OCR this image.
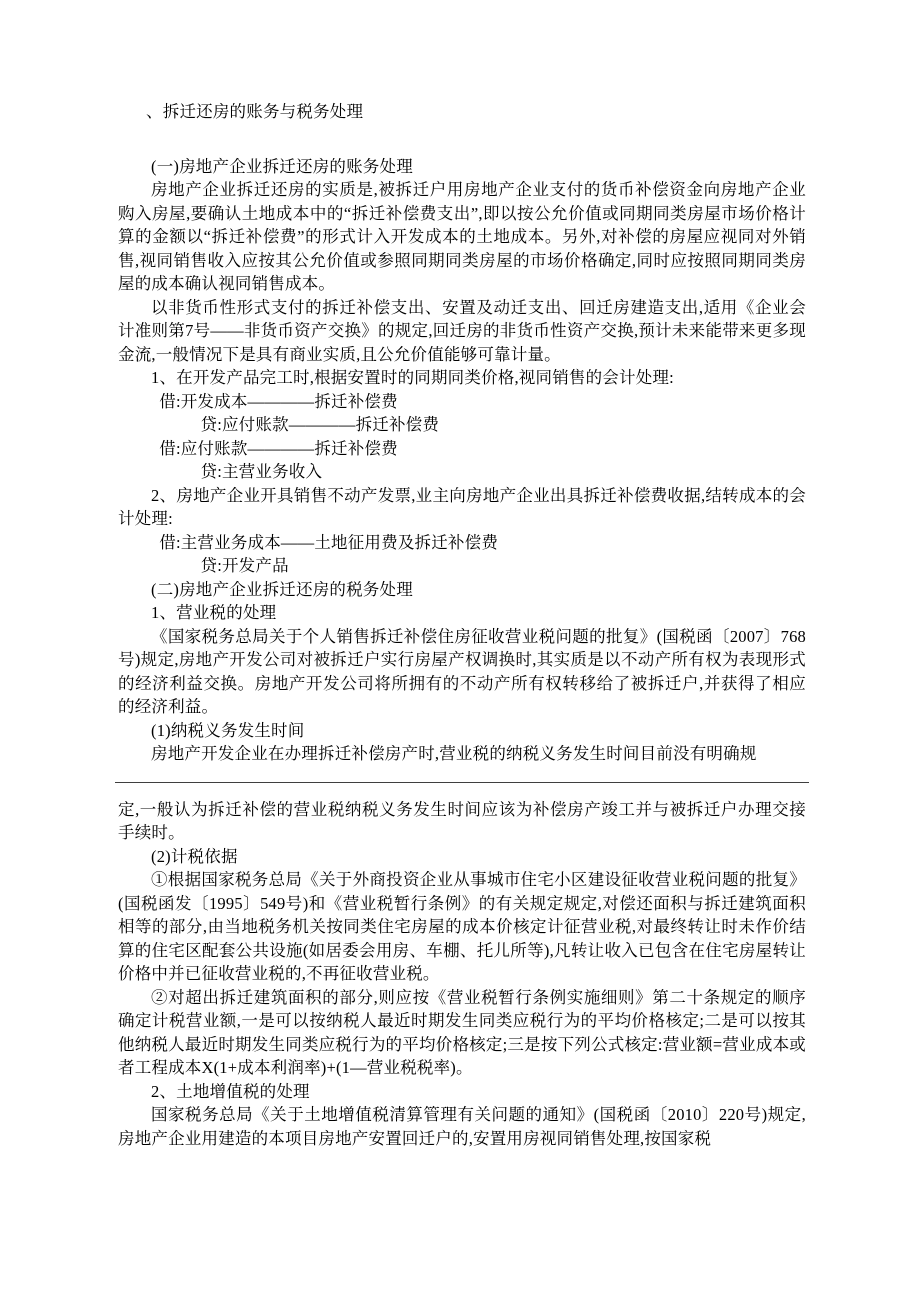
、拆迁还房的账务与税务处理

(一)房地产企业拆迁还房的账务处理

房地产企业拆迁还房的实质是,被拆迁户用房地产企业支付的货币补偿资金向房地产企业购入房屋,要确认土地成本中的“拆迁补偿费支出”,即以按公允价值或同期同类房屋市场价格计算的金额以“拆迁补偿费”的形式计入开发成本的土地成本。另外,对补偿的房屋应视同对外销售,视同销售收入应按其公允价值或参照同期同类房屋的市场价格确定,同时应按照同期同类房屋的成本确认视同销售成本。

以非货币性形式支付的拆迁补偿支出、安置及动迁支出、回迁房建造支出,适用《企业会计准则第7号——非货币资产交换》的规定,回迁房的非货币性资产交换,预计未来能带来更多现金流,一般情况下是具有商业实质,且公允价值能够可靠计量。

1、在开发产品完工时,根据安置时的同期同类价格,视同销售的会计处理:

借:开发成本————拆迁补偿费

贷:应付账款————拆迁补偿费

借:应付账款————拆迁补偿费

贷:主营业务收入

2、房地产企业开具销售不动产发票,业主向房地产企业出具拆迁补偿费收据,结转成本的会计处理:

借:主营业务成本——土地征用费及拆迁补偿费

贷:开发产品

(二)房地产企业拆迁还房的税务处理

1、营业税的处理

《国家税务总局关于个人销售拆迁补偿住房征收营业税问题的批复》(国税函〔2007〕768号)规定,房地产开发公司对被拆迁户实行房屋产权调换时,其实质是以不动产所有权为表现形式的经济利益交换。房地产开发公司将所拥有的不动产所有权转移给了被拆迁户,并获得了相应的经济利益。

(1)纳税义务发生时间

房地产开发企业在办理拆迁补偿房产时,营业税的纳税义务发生时间目前没有明确规

定,一般认为拆迁补偿的营业税纳税义务发生时间应该为补偿房产竣工并与被拆迁户办理交接手续时。

(2)计税依据

①根据国家税务总局《关于外商投资企业从事城市住宅小区建设征收营业税问题的批复》(国税函发〔1995〕549号)和《营业税暂行条例》的有关规定规定,对偿还面积与拆迁建筑面积相等的部分,由当地税务机关按同类住宅房屋的成本价核定计征营业税,对最终转让时未作价结算的住宅区配套公共设施(如居委会用房、车棚、托儿所等),凡转让收入已包含在住宅房屋转让价格中并已征收营业税的,不再征收营业税。

②对超出拆迁建筑面积的部分,则应按《营业税暂行条例实施细则》第二十条规定的顺序确定计税营业额,一是可以按纳税人最近时期发生同类应税行为的平均价格核定;二是可以按其他纳税人最近时期发生同类应税行为的平均价格核定;三是按下列公式核定:营业额=营业成本或者工程成本X(1+成本利润率)+(1—营业税税率)。

2、土地增值税的处理

国家税务总局《关于土地增值税清算管理有关问题的通知》(国税函〔2010〕220号)规定,房地产企业用建造的本项目房地产安置回迁户的,安置用房视同销售处理,按国家税
